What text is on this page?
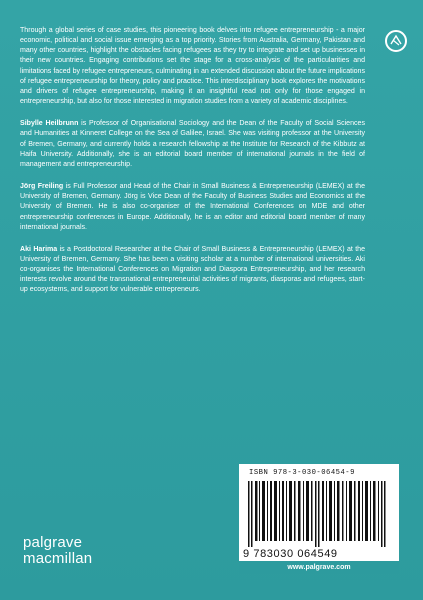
Through a global series of case studies, this pioneering book delves into refugee entrepreneurship - a major economic, political and social issue emerging as a top priority. Stories from Australia, Germany, Pakistan and many other countries, highlight the obstacles facing refugees as they try to integrate and set up businesses in their new countries. Engaging contributions set the stage for a cross-analysis of the particularities and limitations faced by refugee entrepreneurs, culminating in an extended discussion about the future implications of refugee entrepreneurship for theory, policy and practice. This interdisciplinary book explores the motivations and drivers of refugee entrepreneurship, making it an insightful read not only for those engaged in entrepreneurship, but also for those interested in migration studies from a variety of academic disciplines.

Sibylle Heilbrunn is Professor of Organisational Sociology and the Dean of the Faculty of Social Sciences and Humanities at Kinneret College on the Sea of Galilee, Israel. She was visiting professor at the University of Bremen, Germany, and currently holds a research fellowship at the Institute for Research of the Kibbutz at Haifa University. Additionally, she is an editorial board member of international journals in the field of management and entrepreneurship.

Jörg Freiling is Full Professor and Head of the Chair in Small Business & Entrepreneurship (LEMEX) at the University of Bremen, Germany. Jörg is Vice Dean of the Faculty of Business Studies and Economics at the University of Bremen. He is also co-organiser of the International Conferences on MDE and other entrepreneurship conferences in Europe. Additionally, he is an editor and editorial board member of many international journals.

Aki Harima is a Postdoctoral Researcher at the Chair of Small Business & Entrepreneurship (LEMEX) at the University of Bremen, Germany. She has been a visiting scholar at a number of international universities. Aki co-organises the International Conferences on Migration and Diaspora Entrepreneurship, and her research interests revolve around the transnational entrepreneurial activities of migrants, diasporas and refugees, start-up ecosystems, and support for vulnerable entrepreneurs.

ISBN 978-3-030-06454-9
9 783030 064549
www.palgrave.com
palgrave
macmillan
